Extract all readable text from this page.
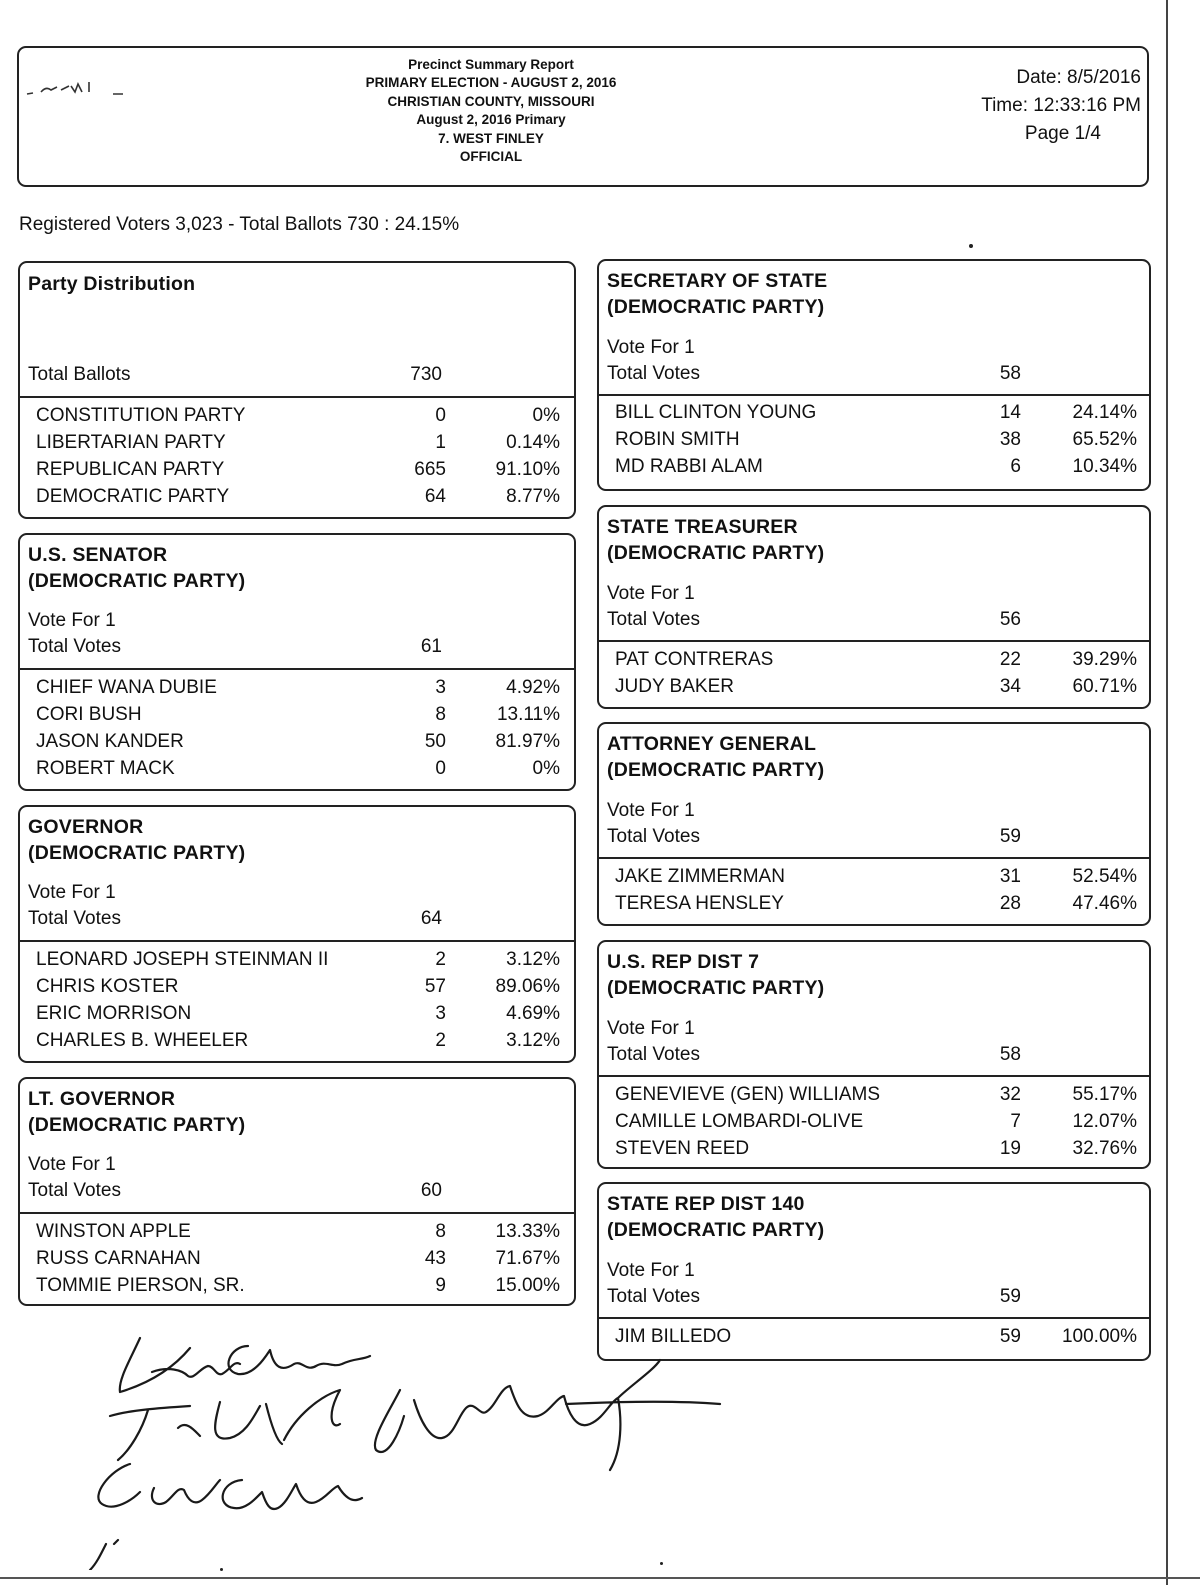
Precinct Summary Report
PRIMARY ELECTION - AUGUST 2, 2016
CHRISTIAN COUNTY, MISSOURI
August 2, 2016 Primary
7. WEST FINLEY
OFFICIAL
Date: 8/5/2016
Time: 12:33:16 PM
Page 1/4
Registered Voters 3,023 - Total Ballots 730 : 24.15%
Party Distribution
Total Ballots	730
CONSTITUTION PARTY	0	0%
LIBERTARIAN PARTY	1	0.14%
REPUBLICAN PARTY	665	91.10%
DEMOCRATIC PARTY	64	8.77%
U.S. SENATOR
(DEMOCRATIC PARTY)
Vote For 1
Total Votes	61
CHIEF WANA DUBIE	3	4.92%
CORI BUSH	8	13.11%
JASON KANDER	50	81.97%
ROBERT MACK	0	0%
GOVERNOR
(DEMOCRATIC PARTY)
Vote For 1
Total Votes	64
LEONARD JOSEPH STEINMAN II	2	3.12%
CHRIS KOSTER	57	89.06%
ERIC MORRISON	3	4.69%
CHARLES B. WHEELER	2	3.12%
LT. GOVERNOR
(DEMOCRATIC PARTY)
Vote For 1
Total Votes	60
WINSTON APPLE	8	13.33%
RUSS CARNAHAN	43	71.67%
TOMMIE PIERSON, SR.	9	15.00%
SECRETARY OF STATE
(DEMOCRATIC PARTY)
Vote For 1
Total Votes	58
BILL CLINTON YOUNG	14	24.14%
ROBIN SMITH	38	65.52%
MD RABBI ALAM	6	10.34%
STATE TREASURER
(DEMOCRATIC PARTY)
Vote For 1
Total Votes	56
PAT CONTRERAS	22	39.29%
JUDY BAKER	34	60.71%
ATTORNEY GENERAL
(DEMOCRATIC PARTY)
Vote For 1
Total Votes	59
JAKE ZIMMERMAN	31	52.54%
TERESA HENSLEY	28	47.46%
U.S. REP DIST 7
(DEMOCRATIC PARTY)
Vote For 1
Total Votes	58
GENEVIEVE (GEN) WILLIAMS	32	55.17%
CAMILLE LOMBARDI-OLIVE	7	12.07%
STEVEN REED	19	32.76%
STATE REP DIST 140
(DEMOCRATIC PARTY)
Vote For 1
Total Votes	59
JIM BILLEDO	59	100.00%
